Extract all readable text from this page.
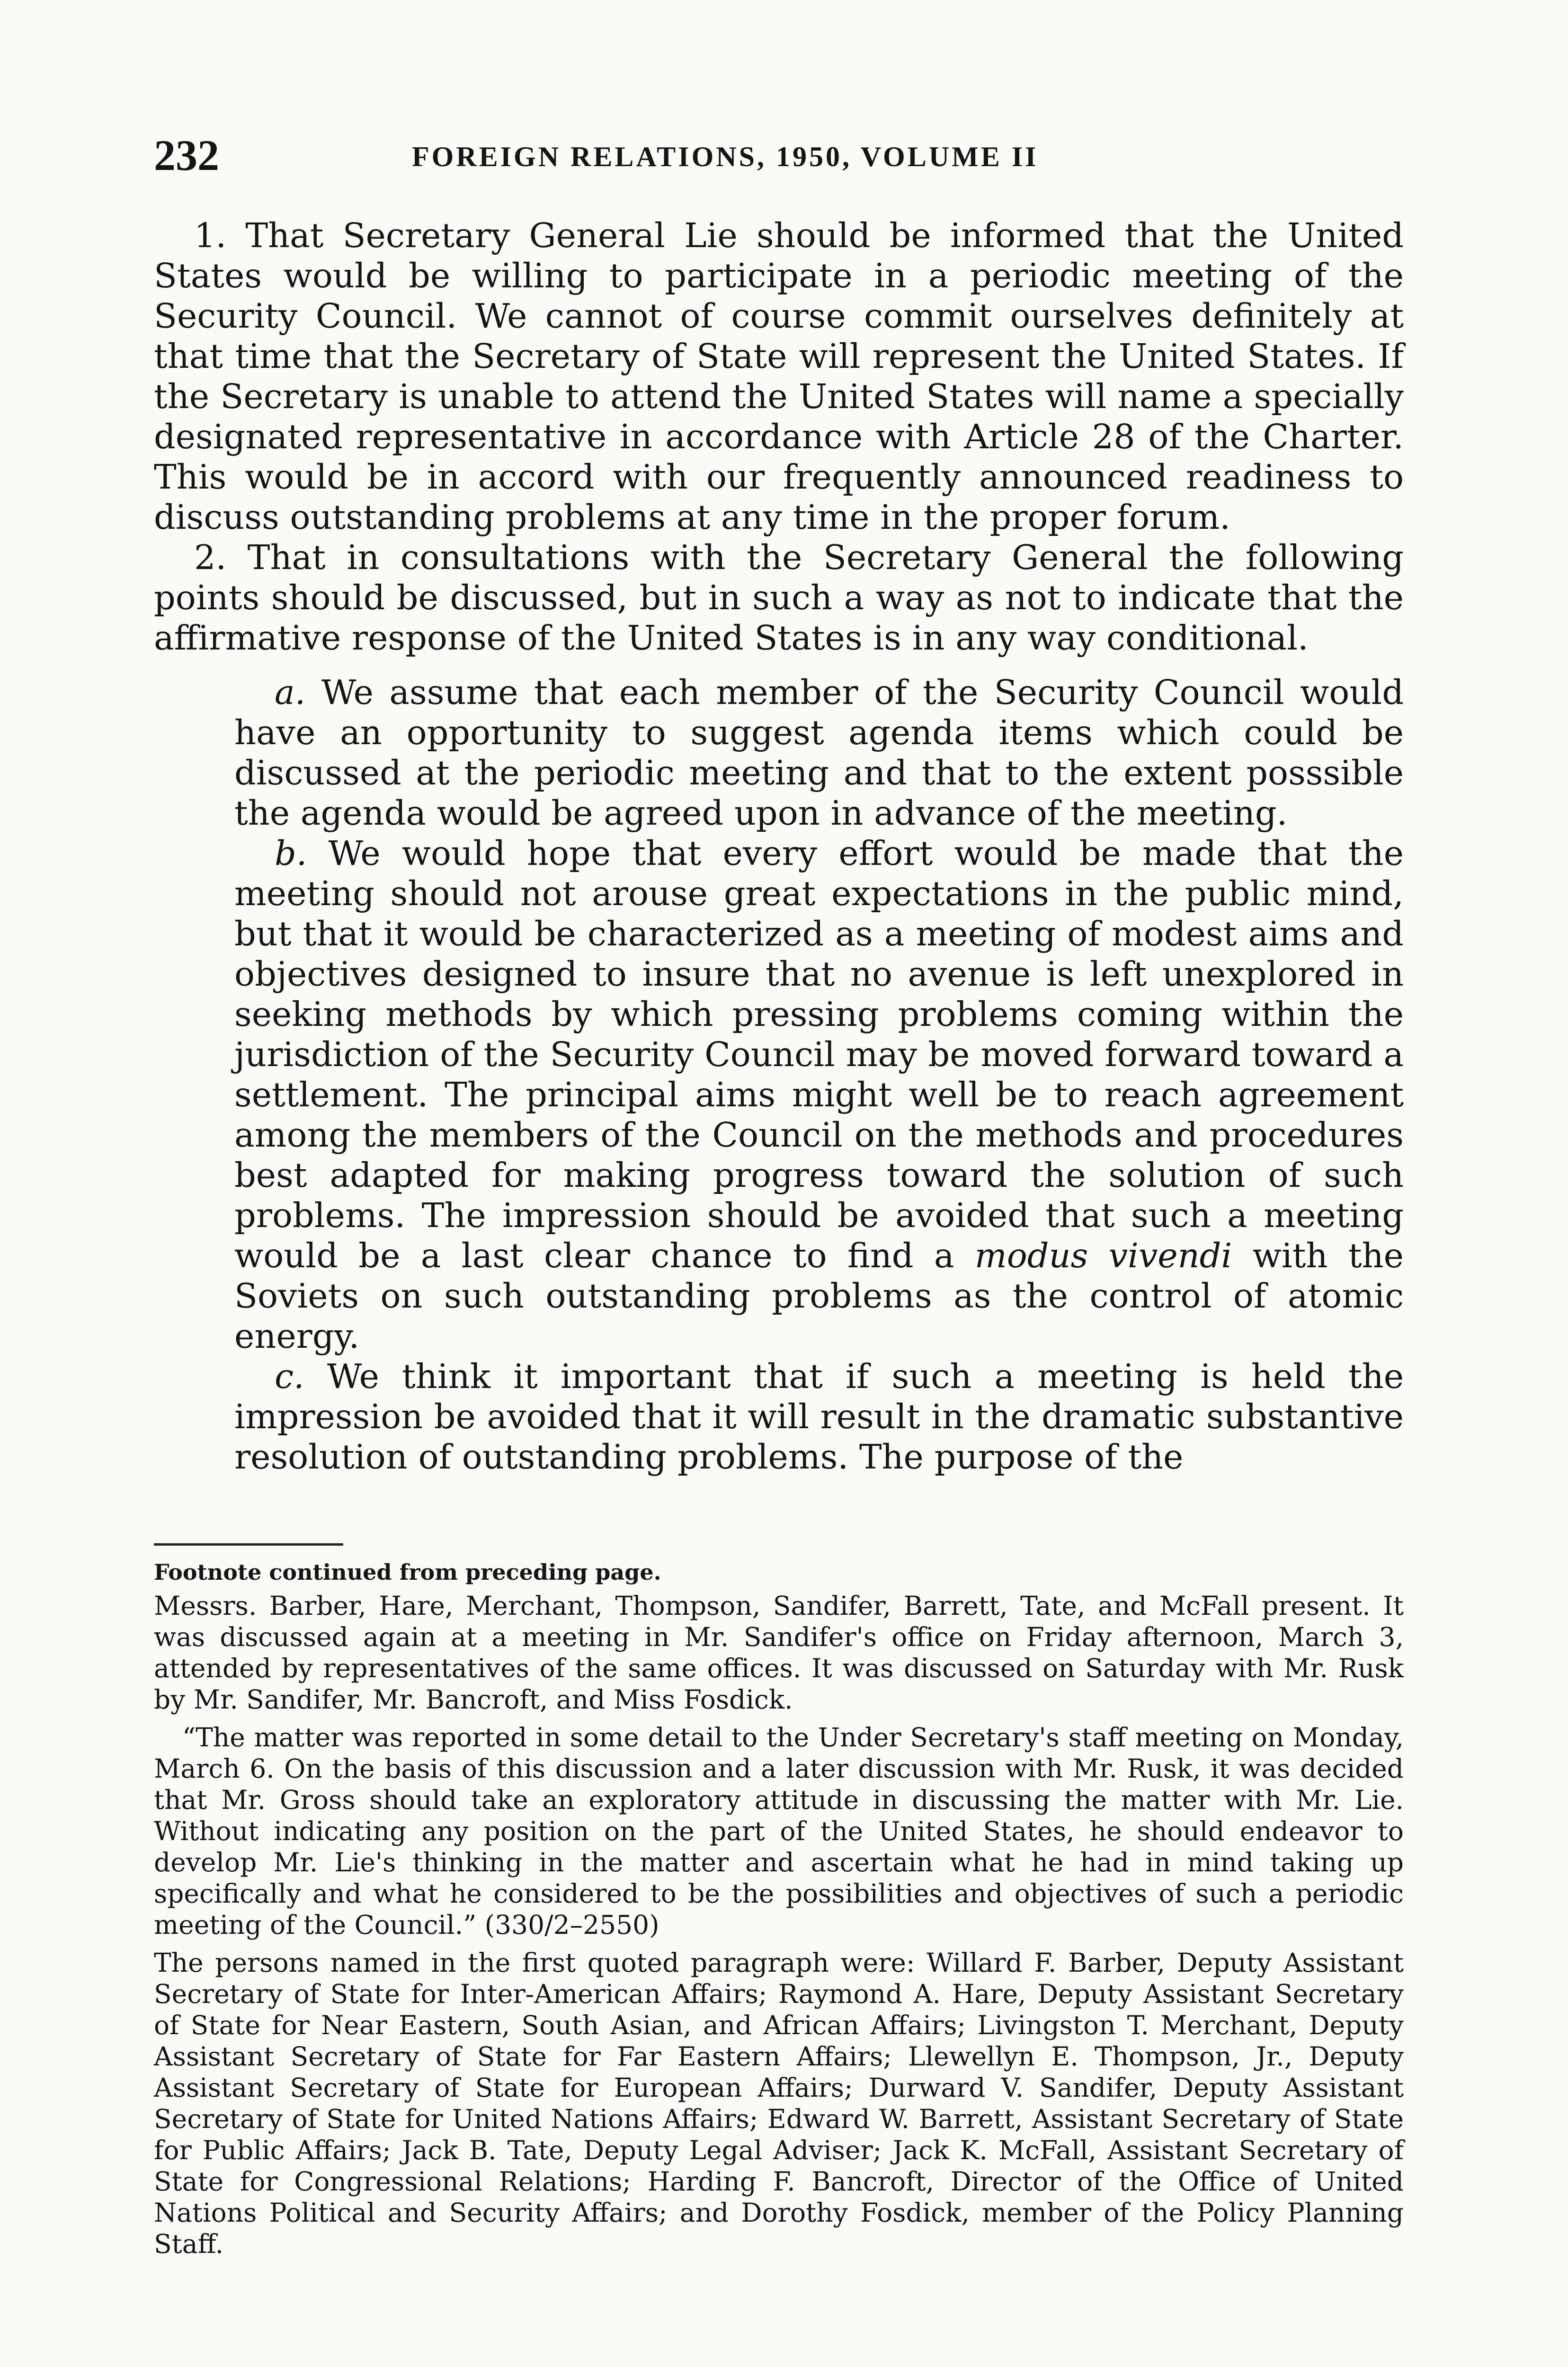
232	FOREIGN RELATIONS, 1950, VOLUME II

1. That Secretary General Lie should be informed that the United States would be willing to participate in a periodic meeting of the Security Council. We cannot of course commit ourselves definitely at that time that the Secretary of State will represent the United States. If the Secretary is unable to attend the United States will name a specially designated representative in accordance with Article 28 of the Charter. This would be in accord with our frequently announced readiness to discuss outstanding problems at any time in the proper forum.

2. That in consultations with the Secretary General the following points should be discussed, but in such a way as not to indicate that the affirmative response of the United States is in any way conditional.

a. We assume that each member of the Security Council would have an opportunity to suggest agenda items which could be discussed at the periodic meeting and that to the extent posssible the agenda would be agreed upon in advance of the meeting.

b. We would hope that every effort would be made that the meeting should not arouse great expectations in the public mind, but that it would be characterized as a meeting of modest aims and objectives designed to insure that no avenue is left unexplored in seeking methods by which pressing problems coming within the jurisdiction of the Security Council may be moved forward toward a settlement. The principal aims might well be to reach agreement among the members of the Council on the methods and procedures best adapted for making progress toward the solution of such problems. The impression should be avoided that such a meeting would be a last clear chance to find a modus vivendi with the Soviets on such outstanding problems as the control of atomic energy.

c. We think it important that if such a meeting is held the impression be avoided that it will result in the dramatic substantive resolution of outstanding problems. The purpose of the

Footnote continued from preceding page.

Messrs. Barber, Hare, Merchant, Thompson, Sandifer, Barrett, Tate, and McFall present. It was discussed again at a meeting in Mr. Sandifer's office on Friday afternoon, March 3, attended by representatives of the same offices. It was discussed on Saturday with Mr. Rusk by Mr. Sandifer, Mr. Bancroft, and Miss Fosdick.

“The matter was reported in some detail to the Under Secretary's staff meeting on Monday, March 6. On the basis of this discussion and a later discussion with Mr. Rusk, it was decided that Mr. Gross should take an exploratory attitude in discussing the matter with Mr. Lie. Without indicating any position on the part of the United States, he should endeavor to develop Mr. Lie's thinking in the matter and ascertain what he had in mind taking up specifically and what he considered to be the possibilities and objectives of such a periodic meeting of the Council.” (330/2–2550)

The persons named in the first quoted paragraph were: Willard F. Barber, Deputy Assistant Secretary of State for Inter-American Affairs; Raymond A. Hare, Deputy Assistant Secretary of State for Near Eastern, South Asian, and African Affairs; Livingston T. Merchant, Deputy Assistant Secretary of State for Far Eastern Affairs; Llewellyn E. Thompson, Jr., Deputy Assistant Secretary of State for European Affairs; Durward V. Sandifer, Deputy Assistant Secretary of State for United Nations Affairs; Edward W. Barrett, Assistant Secretary of State for Public Affairs; Jack B. Tate, Deputy Legal Adviser; Jack K. McFall, Assistant Secretary of State for Congressional Relations; Harding F. Bancroft, Director of the Office of United Nations Political and Security Affairs; and Dorothy Fosdick, member of the Policy Planning Staff.
